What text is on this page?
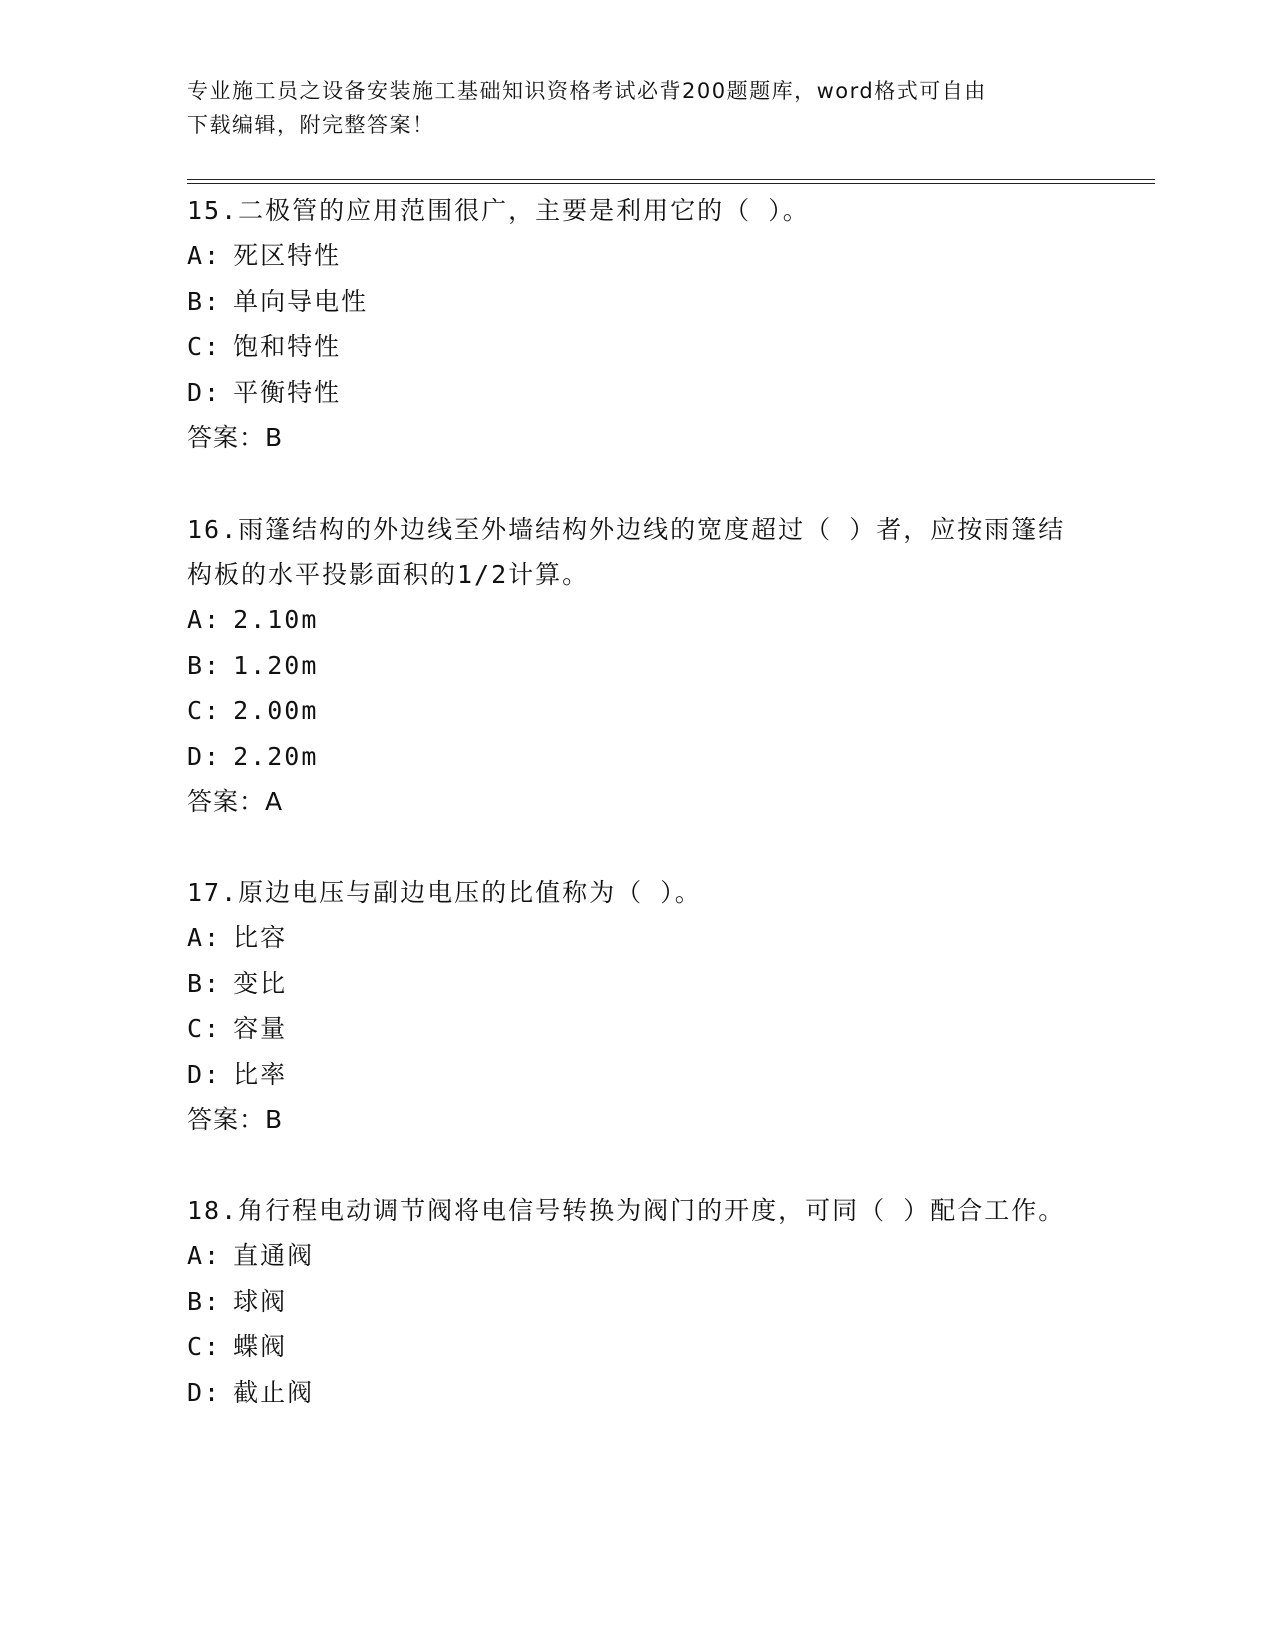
专业施工员之设备安装施工基础知识资格考试必背200题题库，word格式可自由
下载编辑，附完整答案！
15.二极管的应用范围很广，主要是利用它的（ ）。
A: 死区特性
B: 单向导电性
C: 饱和特性
D: 平衡特性
答案：B
16.雨篷结构的外边线至外墙结构外边线的宽度超过（ ）者，应按雨篷结构板的水平投影面积的1/2计算。
A: 2.10m
B: 1.20m
C: 2.00m
D: 2.20m
答案：A
17.原边电压与副边电压的比值称为（ ）。
A: 比容
B: 变比
C: 容量
D: 比率
答案：B
18.角行程电动调节阀将电信号转换为阀门的开度，可同（ ）配合工作。
A: 直通阀
B: 球阀
C: 蝶阀
D: 截止阀
